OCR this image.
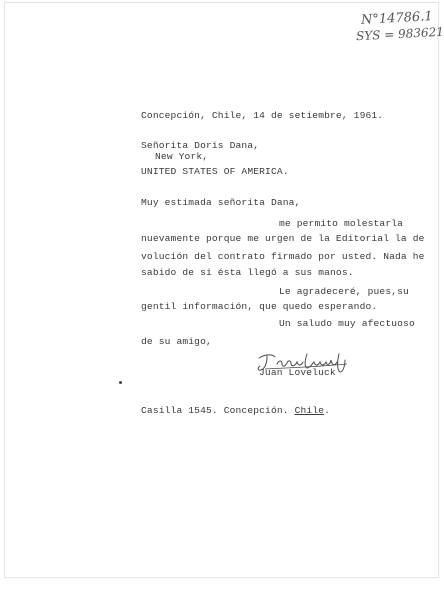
N°14786.1
SYS = 983621
Concepción, Chile, 14 de setiembre, 1961.
Señorita Doris Dana,
New York,
UNITED STATES OF AMERICA.
Muy estimada señorita Dana,
me permito molestarla
nuevamente porque me urgen de la Editorial la de
volución del contrato firmado por usted. Nada he
sabido de si ésta llegó a sus manos.
Le agradeceré, pues,su
gentil información, que quedo esperando.
Un saludo muy afectuoso
de su amigo,
Juan Loveluck
Casilla 1545. Concepción. Chile.
